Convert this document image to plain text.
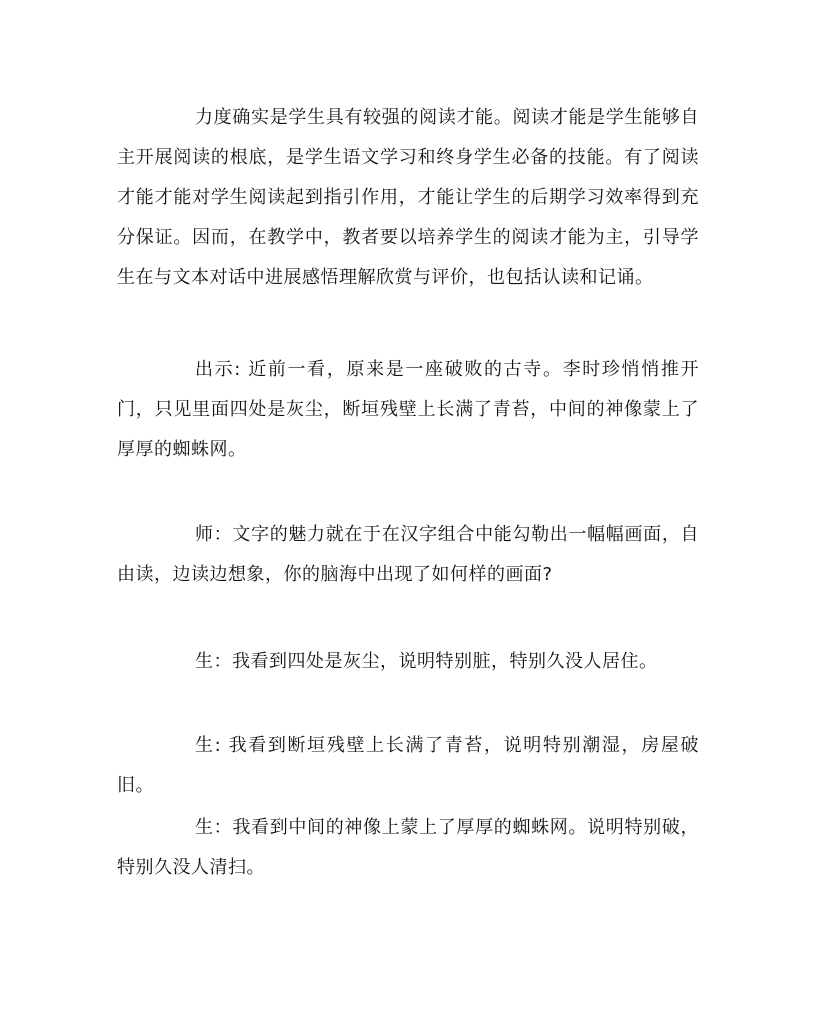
力度确实是学生具有较强的阅读才能。阅读才能是学生能够自主开展阅读的根底，是学生语文学习和终身学生必备的技能。有了阅读才能才能对学生阅读起到指引作用，才能让学生的后期学习效率得到充分保证。因而，在教学中，教者要以培养学生的阅读才能为主，引导学生在与文本对话中进展感悟理解欣赏与评价，也包括认读和记诵。

出示: 近前一看，原来是一座破败的古寺。李时珍悄悄推开门，只见里面四处是灰尘，断垣残壁上长满了青苔，中间的神像蒙上了厚厚的蜘蛛网。

师：文字的魅力就在于在汉字组合中能勾勒出一幅幅画面，自由读，边读边想象，你的脑海中出现了如何样的画面?

生：我看到四处是灰尘，说明特别脏，特别久没人居住。

生: 我看到断垣残壁上长满了青苔，说明特别潮湿，房屋破旧。

生：我看到中间的神像上蒙上了厚厚的蜘蛛网。说明特别破，特别久没人清扫。
